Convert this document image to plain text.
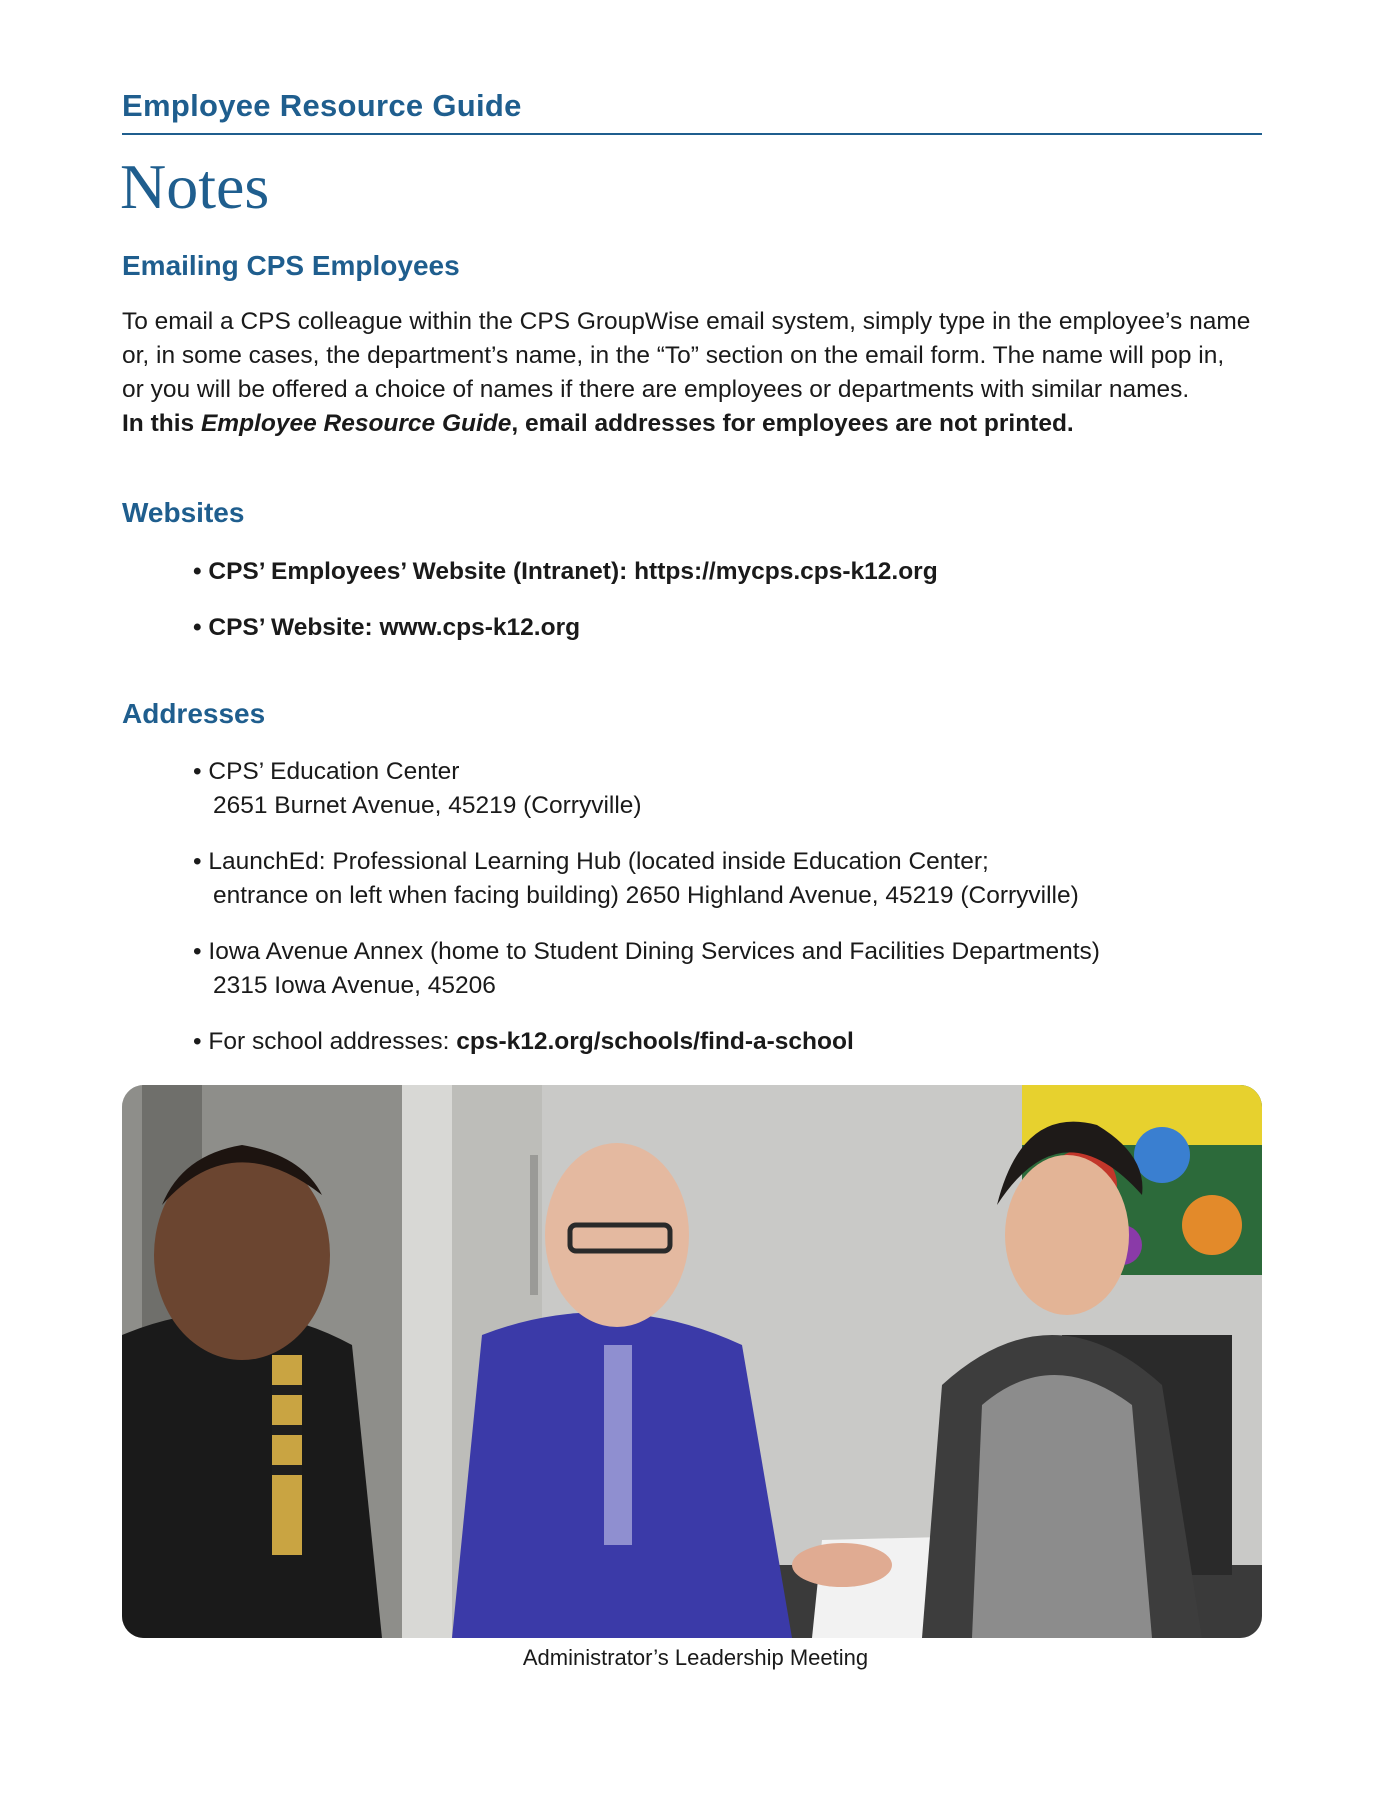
Employee Resource Guide
Notes
Emailing CPS Employees
To email a CPS colleague within the CPS GroupWise email system, simply type in the employee’s name
or, in some cases, the department’s name, in the “To” section on the email form. The name will pop in,
or you will be offered a choice of names if there are employees or departments with similar names.
In this Employee Resource Guide, email addresses for employees are not printed.
Websites
• CPS’ Employees’ Website (Intranet): https://mycps.cps-k12.org
• CPS’ Website: www.cps-k12.org
Addresses
• CPS’ Education Center
2651 Burnet Avenue, 45219 (Corryville)
• LaunchEd: Professional Learning Hub (located inside Education Center;
entrance on left when facing building) 2650 Highland Avenue, 45219 (Corryville)
• Iowa Avenue Annex (home to Student Dining Services and Facilities Departments)
2315 Iowa Avenue, 45206
• For school addresses: cps-k12.org/schools/find-a-school
Administrator’s Leadership Meeting
